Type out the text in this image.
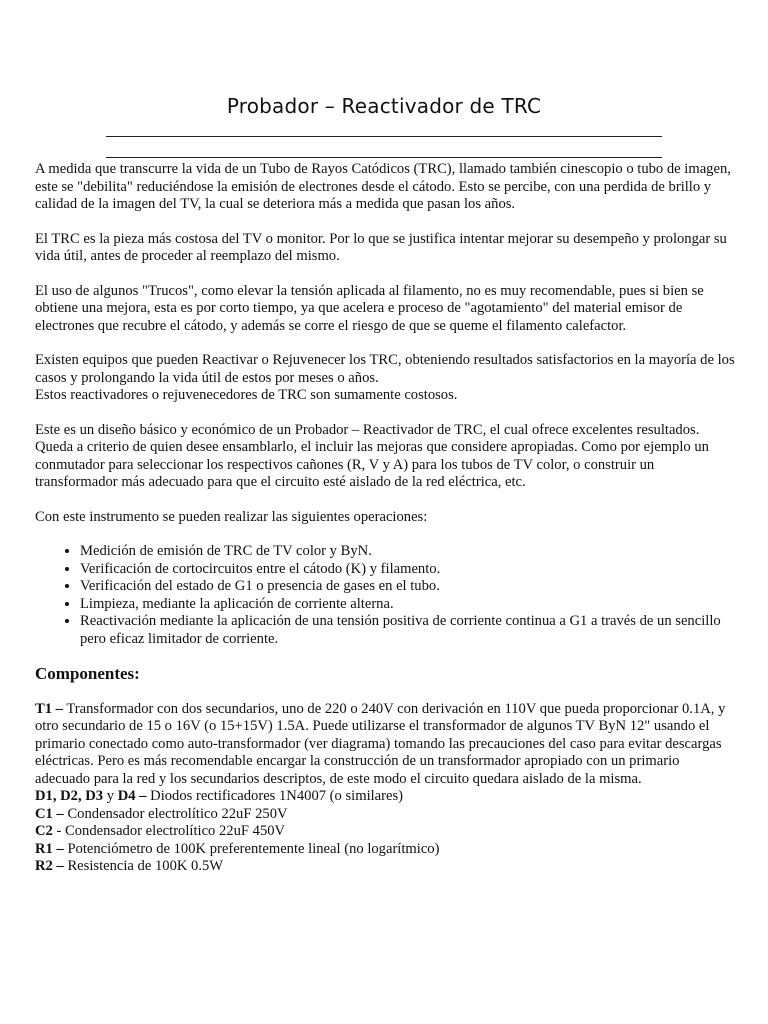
Probador – Reactivador de TRC

A medida que transcurre la vida de un Tubo de Rayos Catódicos (TRC), llamado también cinescopio o tubo de imagen, este se "debilita" reduciéndose la emisión de electrones desde el cátodo. Esto se percibe, con una perdida de brillo y calidad de la imagen del TV, la cual se deteriora más a medida que pasan los años.

El TRC es la pieza más costosa del TV o monitor. Por lo que se justifica intentar mejorar su desempeño y prolongar su vida útil, antes de proceder al reemplazo del mismo.

El uso de algunos "Trucos", como elevar la tensión aplicada al filamento, no es muy recomendable, pues si bien se obtiene una mejora, esta es por corto tiempo, ya que acelera e proceso de "agotamiento" del material emisor de electrones que recubre el cátodo, y además se corre el riesgo de que se queme el filamento calefactor.

Existen equipos que pueden Reactivar o Rejuvenecer los TRC, obteniendo resultados satisfactorios en la mayoría de los casos y prolongando la vida útil de estos por meses o años.

Estos reactivadores o rejuvenecedores de TRC son sumamente costosos.

Este es un diseño básico y económico de un Probador – Reactivador de TRC, el cual ofrece excelentes resultados. Queda a criterio de quien desee ensamblarlo, el incluir las mejoras que considere apropiadas. Como por ejemplo un conmutador para seleccionar los respectivos cañones (R, V y A) para los tubos de TV color, o construir un transformador más adecuado para que el circuito esté aislado de la red eléctrica, etc.

Con este instrumento se pueden realizar las siguientes operaciones:

• Medición de emisión de TRC de TV color y ByN.
• Verificación de cortocircuitos entre el cátodo (K) y filamento.
• Verificación del estado de G1 o presencia de gases en el tubo.
• Limpieza, mediante la aplicación de corriente alterna.
• Reactivación mediante la aplicación de una tensión positiva de corriente continua a G1 a través de un sencillo pero eficaz limitador de corriente.
Componentes:
T1 – Transformador con dos secundarios, uno de 220 o 240V con derivación en 110V que pueda proporcionar 0.1A, y otro secundario de 15 o 16V (o 15+15V) 1.5A. Puede utilizarse el transformador de algunos TV ByN 12" usando el primario conectado como auto-transformador (ver diagrama) tomando las precauciones del caso para evitar descargas eléctricas. Pero es más recomendable encargar la construcción de un transformador apropiado con un primario adecuado para la red y los secundarios descriptos, de este modo el circuito quedara aislado de la misma.
D1, D2, D3 y D4 – Diodos rectificadores 1N4007 (o similares)
C1 – Condensador electrolítico 22uF 250V
C2 - Condensador electrolítico 22uF 450V
R1 – Potenciómetro de 100K preferentemente lineal (no logarítmico)
R2 – Resistencia de 100K 0.5W
